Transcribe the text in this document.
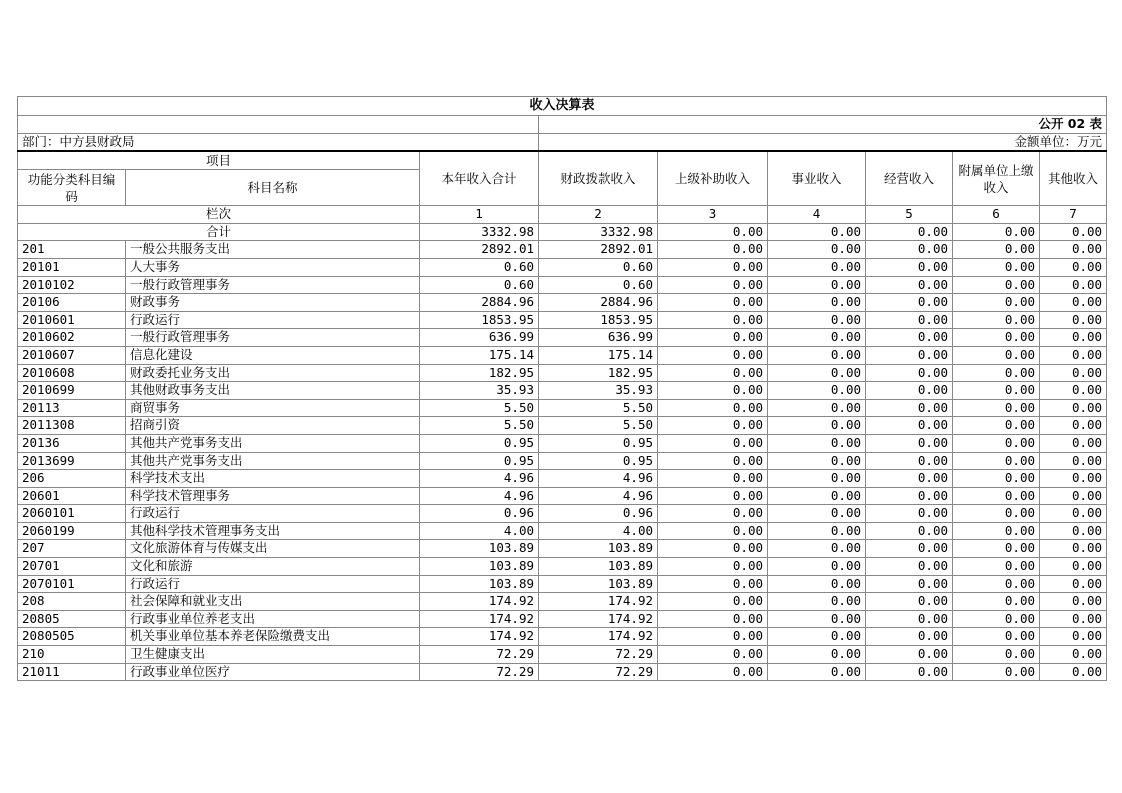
收入决算表								
			公开 02 表					
部门：中方县财政局			金额单位：万元					
项目		本年收入合计	财政拨款收入	上级补助收入	事业收入	经营收入	附属单位上缴收入	其他收入
功能分类科目编码	科目名称							
栏次		1	2	3	4	5	6	7
合计		3332.98	3332.98	0.00	0.00	0.00	0.00	0.00
201	一般公共服务支出	2892.01	2892.01	0.00	0.00	0.00	0.00	0.00
20101	人大事务	0.60	0.60	0.00	0.00	0.00	0.00	0.00
2010102	一般行政管理事务	0.60	0.60	0.00	0.00	0.00	0.00	0.00
20106	财政事务	2884.96	2884.96	0.00	0.00	0.00	0.00	0.00
2010601	行政运行	1853.95	1853.95	0.00	0.00	0.00	0.00	0.00
2010602	一般行政管理事务	636.99	636.99	0.00	0.00	0.00	0.00	0.00
2010607	信息化建设	175.14	175.14	0.00	0.00	0.00	0.00	0.00
2010608	财政委托业务支出	182.95	182.95	0.00	0.00	0.00	0.00	0.00
2010699	其他财政事务支出	35.93	35.93	0.00	0.00	0.00	0.00	0.00
20113	商贸事务	5.50	5.50	0.00	0.00	0.00	0.00	0.00
2011308	招商引资	5.50	5.50	0.00	0.00	0.00	0.00	0.00
20136	其他共产党事务支出	0.95	0.95	0.00	0.00	0.00	0.00	0.00
2013699	其他共产党事务支出	0.95	0.95	0.00	0.00	0.00	0.00	0.00
206	科学技术支出	4.96	4.96	0.00	0.00	0.00	0.00	0.00
20601	科学技术管理事务	4.96	4.96	0.00	0.00	0.00	0.00	0.00
2060101	行政运行	0.96	0.96	0.00	0.00	0.00	0.00	0.00
2060199	其他科学技术管理事务支出	4.00	4.00	0.00	0.00	0.00	0.00	0.00
207	文化旅游体育与传媒支出	103.89	103.89	0.00	0.00	0.00	0.00	0.00
20701	文化和旅游	103.89	103.89	0.00	0.00	0.00	0.00	0.00
2070101	行政运行	103.89	103.89	0.00	0.00	0.00	0.00	0.00
208	社会保障和就业支出	174.92	174.92	0.00	0.00	0.00	0.00	0.00
20805	行政事业单位养老支出	174.92	174.92	0.00	0.00	0.00	0.00	0.00
2080505	机关事业单位基本养老保险缴费支出	174.92	174.92	0.00	0.00	0.00	0.00	0.00
210	卫生健康支出	72.29	72.29	0.00	0.00	0.00	0.00	0.00
21011	行政事业单位医疗	72.29	72.29	0.00	0.00	0.00	0.00	0.00
